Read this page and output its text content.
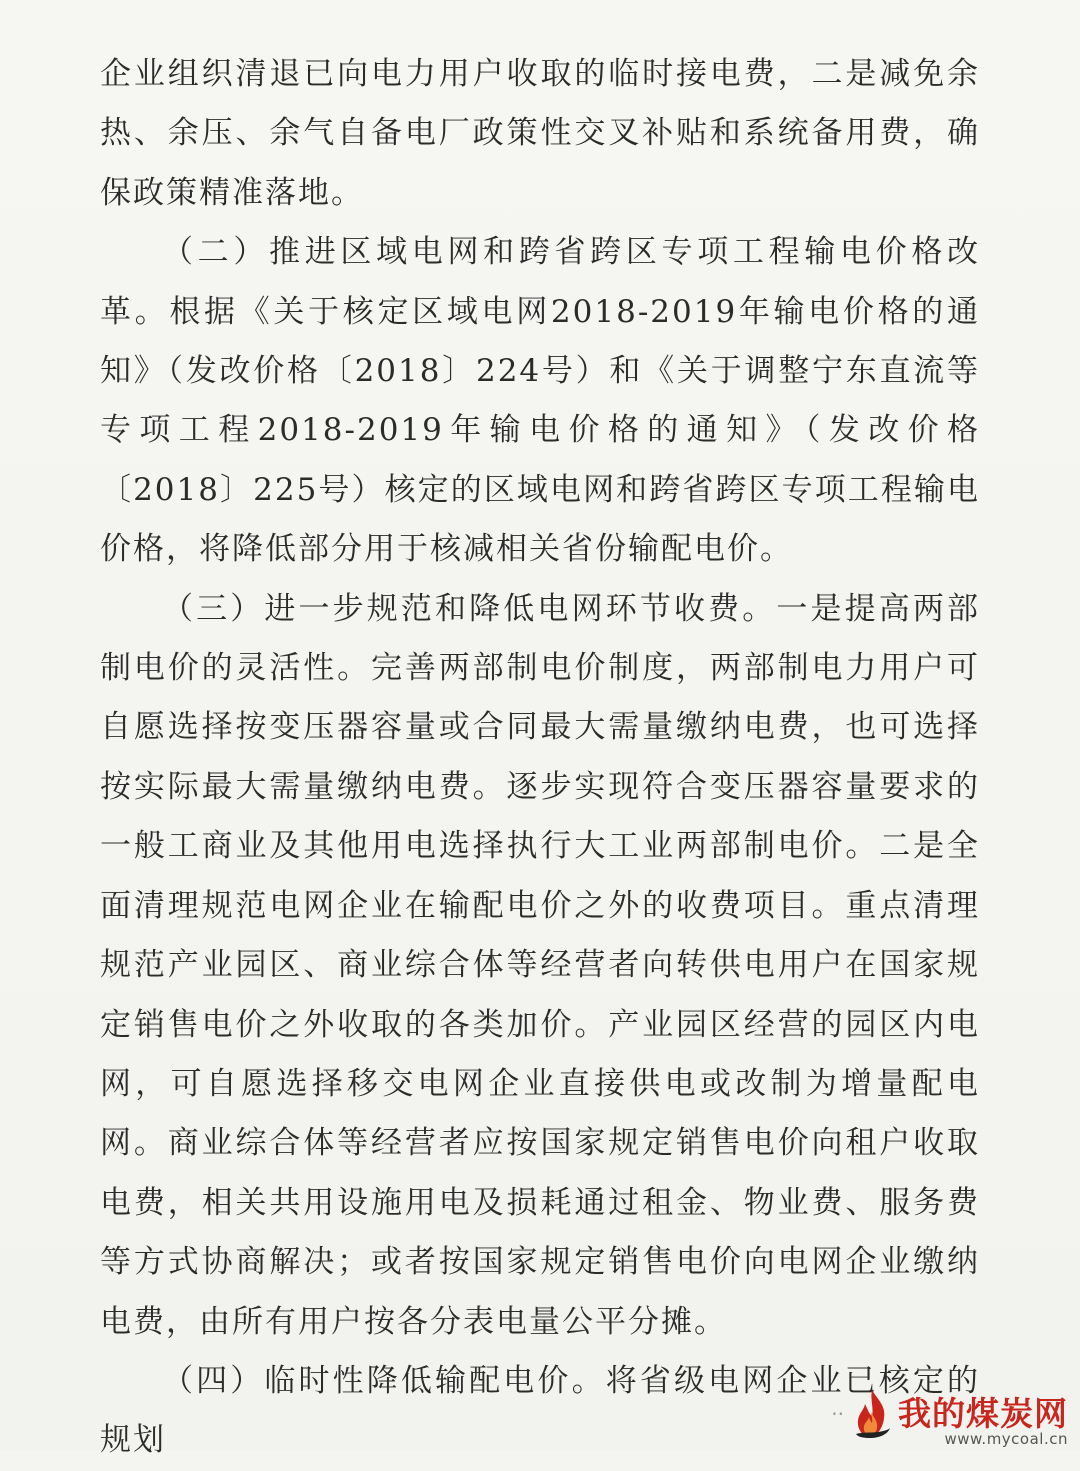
企业组织清退已向电力用户收取的临时接电费，二是减免余热、余压、余气自备电厂政策性交叉补贴和系统备用费，确保政策精准落地。

（二）推进区域电网和跨省跨区专项工程输电价格改革。根据《关于核定区域电网2018-2019年输电价格的通知》（发改价格〔2018〕224号）和《关于调整宁东直流等专项工程2018-2019年输电价格的通知》（发改价格〔2018〕225号）核定的区域电网和跨省跨区专项工程输电价格，将降低部分用于核减相关省份输配电价。

（三）进一步规范和降低电网环节收费。一是提高两部制电价的灵活性。完善两部制电价制度，两部制电力用户可自愿选择按变压器容量或合同最大需量缴纳电费，也可选择按实际最大需量缴纳电费。逐步实现符合变压器容量要求的一般工商业及其他用电选择执行大工业两部制电价。二是全面清理规范电网企业在输配电价之外的收费项目。重点清理规范产业园区、商业综合体等经营者向转供电用户在国家规定销售电价之外收取的各类加价。产业园区经营的园区内电网，可自愿选择移交电网企业直接供电或改制为增量配电网。商业综合体等经营者应按国家规定销售电价向租户收取电费，相关共用设施用电及损耗通过租金、物业费、服务费等方式协商解决；或者按国家规定销售电价向电网企业缴纳电费，由所有用户按各分表电量公平分摊。

（四）临时性降低输配电价。将省级电网企业已核定的规划

·· 我的煤炭网
www.mycoal.cn
